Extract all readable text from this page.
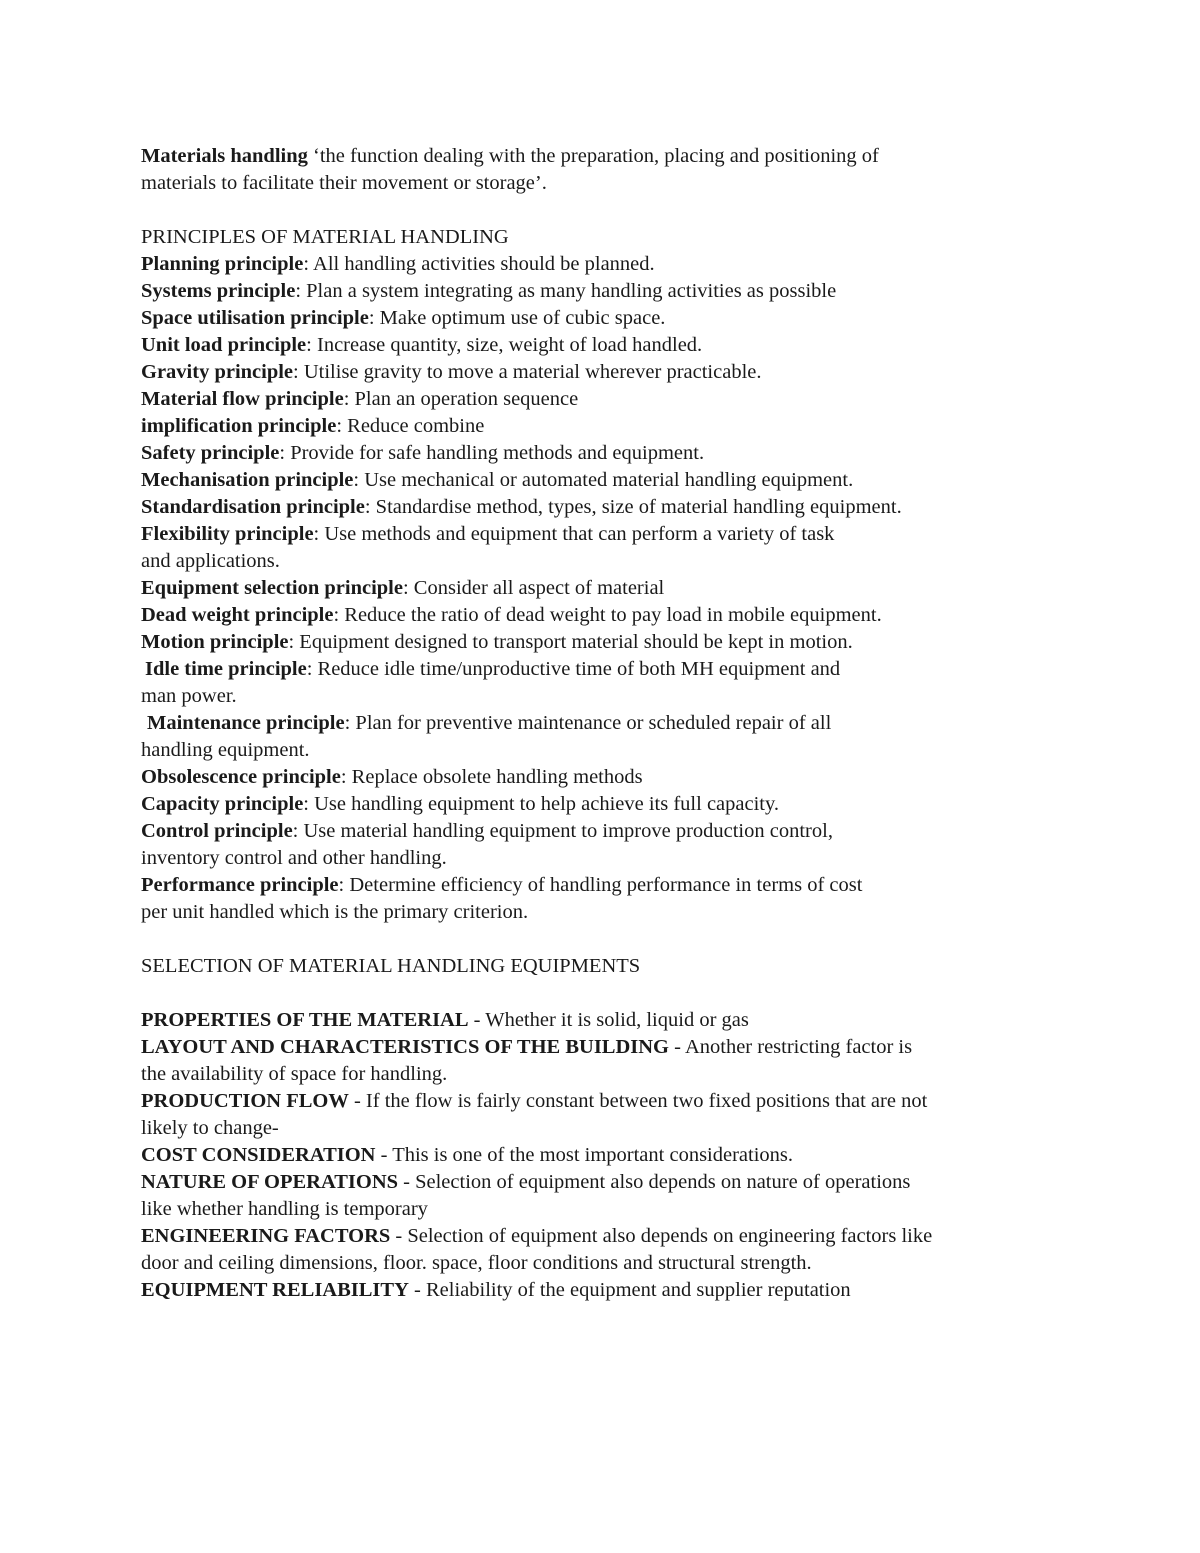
Materials handling ‘the function dealing with the preparation, placing and positioning of

materials to facilitate their movement or storage’.

PRINCIPLES OF MATERIAL HANDLING

Planning principle: All handling activities should be planned.

Systems principle: Plan a system integrating as many handling activities as possible

Space utilisation principle: Make optimum use of cubic space.

Unit load principle: Increase quantity, size, weight of load handled.

Gravity principle: Utilise gravity to move a material wherever practicable.

Material flow principle: Plan an operation sequence

implification principle: Reduce combine

Safety principle: Provide for safe handling methods and equipment.

Mechanisation principle: Use mechanical or automated material handling equipment.

Standardisation principle: Standardise method, types, size of material handling equipment.

Flexibility principle: Use methods and equipment that can perform a variety of task

and applications.

Equipment selection principle: Consider all aspect of material

Dead weight principle: Reduce the ratio of dead weight to pay load in mobile equipment.

Motion principle: Equipment designed to transport material should be kept in motion.

Idle time principle: Reduce idle time/unproductive time of both MH equipment and

man power.

Maintenance principle: Plan for preventive maintenance or scheduled repair of all

handling equipment.

Obsolescence principle: Replace obsolete handling methods

Capacity principle: Use handling equipment to help achieve its full capacity.

Control principle: Use material handling equipment to improve production control,

inventory control and other handling.

Performance principle: Determine efficiency of handling performance in terms of cost

per unit handled which is the primary criterion.

SELECTION OF MATERIAL HANDLING EQUIPMENTS

PROPERTIES OF THE MATERIAL - Whether it is solid, liquid or gas

LAYOUT AND CHARACTERISTICS OF THE BUILDING - Another restricting factor is

the availability of space for handling.

PRODUCTION FLOW - If the flow is fairly constant between two fixed positions that are not

likely to change-

COST CONSIDERATION - This is one of the most important considerations.

NATURE OF OPERATIONS - Selection of equipment also depends on nature of operations

like whether handling is temporary

ENGINEERING FACTORS - Selection of equipment also depends on engineering factors like

door and ceiling dimensions, floor. space, floor conditions and structural strength.

EQUIPMENT RELIABILITY - Reliability of the equipment and supplier reputation
